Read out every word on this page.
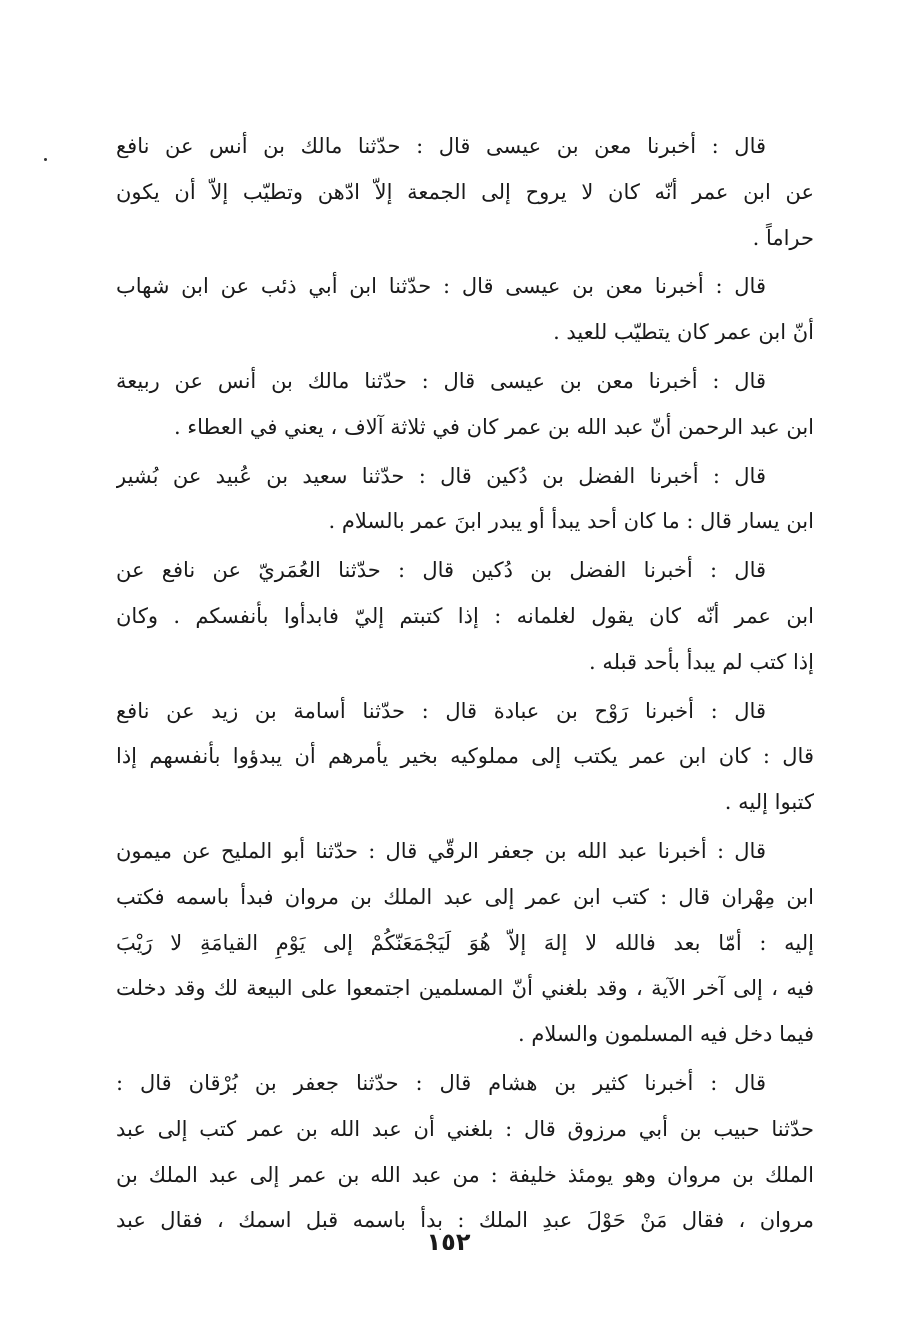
قال : أخبرنا معن بن عيسى قال : حدّثنا مالك بن أنس عن نافع
عن ابن عمر أنّه كان لا يروح إلى الجمعة إلاّ ادّهن وتطيّب إلاّ أن يكون
حراماً .
قال : أخبرنا معن بن عيسى قال : حدّثنا ابن أبي ذئب عن ابن شهاب
أنّ ابن عمر كان يتطيّب للعيد .
قال : أخبرنا معن بن عيسى قال : حدّثنا مالك بن أنس عن ربيعة
ابن عبد الرحمن أنّ عبد الله بن عمر كان في ثلاثة آلاف ، يعني في العطاء .
قال : أخبرنا الفضل بن دُكين قال : حدّثنا سعيد بن عُبيد عن بُشير
ابن يسار قال : ما كان أحد يبدأ أو يبدر ابنَ عمر بالسلام .
قال : أخبرنا الفضل بن دُكين قال : حدّثنا العُمَريّ عن نافع عن
ابن عمر أنّه كان يقول لغلمانه : إذا كتبتم إليّ فابدأوا بأنفسكم . وكان
إذا كتب لم يبدأ بأحد قبله .
قال : أخبرنا رَوْح بن عبادة قال : حدّثنا أسامة بن زيد عن نافع
قال : كان ابن عمر يكتب إلى مملوكيه بخير يأمرهم أن يبدؤوا بأنفسهم إذا
كتبوا إليه .
قال : أخبرنا عبد الله بن جعفر الرقّي قال : حدّثنا أبو المليح عن ميمون
ابن مِهْران قال : كتب ابن عمر إلى عبد الملك بن مروان فبدأ باسمه فكتب
إليه : أمّا بعد فالله لا إلهَ إلاّ هُوَ لَيَجْمَعَنّكُمْ إلى يَوْمِ القيامَةِ لا رَيْبَ
فيه ، إلى آخر الآية ، وقد بلغني أنّ المسلمين اجتمعوا على البيعة لك وقد دخلت
فيما دخل فيه المسلمون والسلام .
قال : أخبرنا كثير بن هشام قال : حدّثنا جعفر بن بُرْقان قال :
حدّثنا حبيب بن أبي مرزوق قال : بلغني أن عبد الله بن عمر كتب إلى عبد
الملك بن مروان وهو يومئذ خليفة : من عبد الله بن عمر إلى عبد الملك بن
مروان ، فقال مَنْ حَوْلَ عبدِ الملك : بدأ باسمه قبل اسمك ، فقال عبد
١٥٢
